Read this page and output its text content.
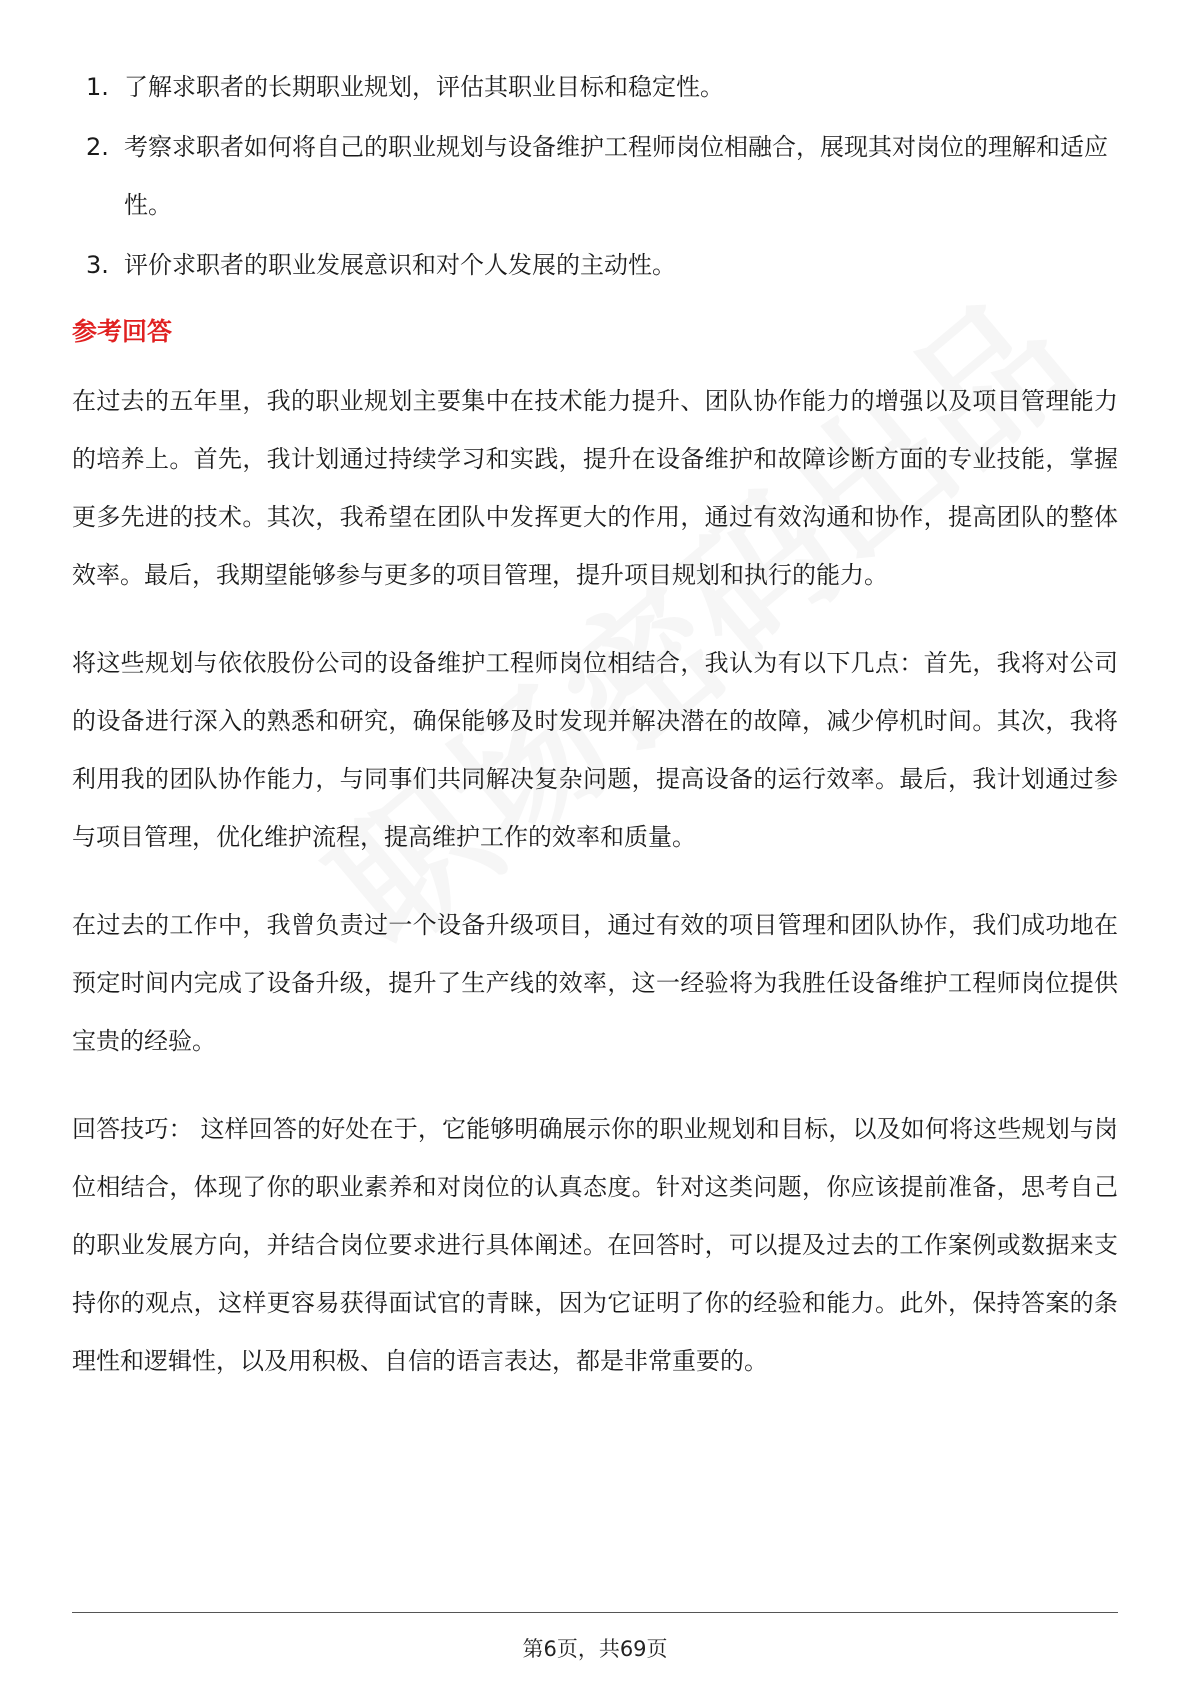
1. 了解求职者的长期职业规划，评估其职业目标和稳定性。
2. 考察求职者如何将自己的职业规划与设备维护工程师岗位相融合，展现其对岗位的理解和适应性。
3. 评价求职者的职业发展意识和对个人发展的主动性。
参考回答

在过去的五年里，我的职业规划主要集中在技术能力提升、团队协作能力的增强以及项目管理能力的培养上。首先，我计划通过持续学习和实践，提升在设备维护和故障诊断方面的专业技能，掌握更多先进的技术。其次，我希望在团队中发挥更大的作用，通过有效沟通和协作，提高团队的整体效率。最后，我期望能够参与更多的项目管理，提升项目规划和执行的能力。

将这些规划与依依股份公司的设备维护工程师岗位相结合，我认为有以下几点：首先，我将对公司的设备进行深入的熟悉和研究，确保能够及时发现并解决潜在的故障，减少停机时间。其次，我将利用我的团队协作能力，与同事们共同解决复杂问题，提高设备的运行效率。最后，我计划通过参与项目管理，优化维护流程，提高维护工作的效率和质量。

在过去的工作中，我曾负责过一个设备升级项目，通过有效的项目管理和团队协作，我们成功地在预定时间内完成了设备升级，提升了生产线的效率，这一经验将为我胜任设备维护工程师岗位提供宝贵的经验。

回答技巧： 这样回答的好处在于，它能够明确展示你的职业规划和目标，以及如何将这些规划与岗位相结合，体现了你的职业素养和对岗位的认真态度。针对这类问题，你应该提前准备，思考自己的职业发展方向，并结合岗位要求进行具体阐述。在回答时，可以提及过去的工作案例或数据来支持你的观点，这样更容易获得面试官的青睐，因为它证明了你的经验和能力。此外，保持答案的条理性和逻辑性，以及用积极、自信的语言表达，都是非常重要的。

第6页，共69页
